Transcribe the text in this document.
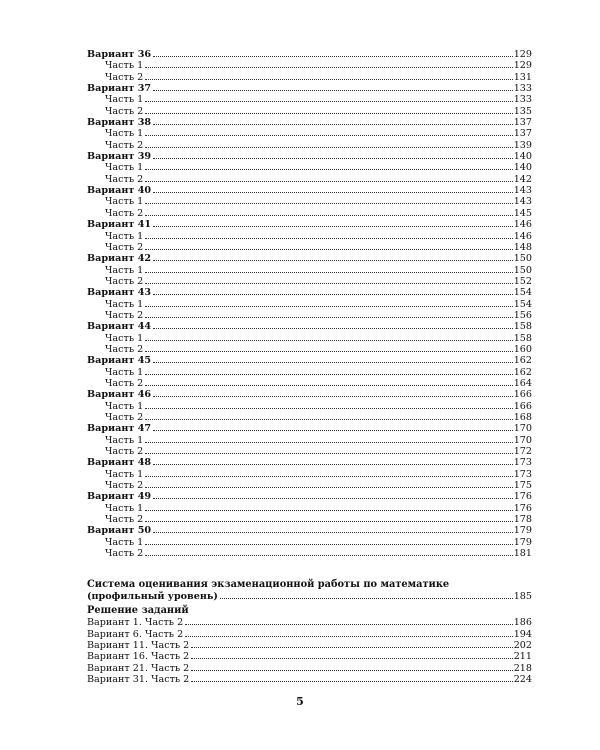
Вариант 36	129
Часть 1	129
Часть 2	131
Вариант 37	133
Часть 1	133
Часть 2	135
Вариант 38	137
Часть 1	137
Часть 2	139
Вариант 39	140
Часть 1	140
Часть 2	142
Вариант 40	143
Часть 1	143
Часть 2	145
Вариант 41	146
Часть 1	146
Часть 2	148
Вариант 42	150
Часть 1	150
Часть 2	152
Вариант 43	154
Часть 1	154
Часть 2	156
Вариант 44	158
Часть 1	158
Часть 2	160
Вариант 45	162
Часть 1	162
Часть 2	164
Вариант 46	166
Часть 1	166
Часть 2	168
Вариант 47	170
Часть 1	170
Часть 2	172
Вариант 48	173
Часть 1	173
Часть 2	175
Вариант 49	176
Часть 1	176
Часть 2	178
Вариант 50	179
Часть 1	179
Часть 2	181
Система оценивания экзаменационной работы по математике
(профильный уровень)	185
Решение заданий
Вариант 1. Часть 2	186
Вариант 6. Часть 2	194
Вариант 11. Часть 2	202
Вариант 16. Часть 2	211
Вариант 21. Часть 2	218
Вариант 31. Часть 2	224
5
